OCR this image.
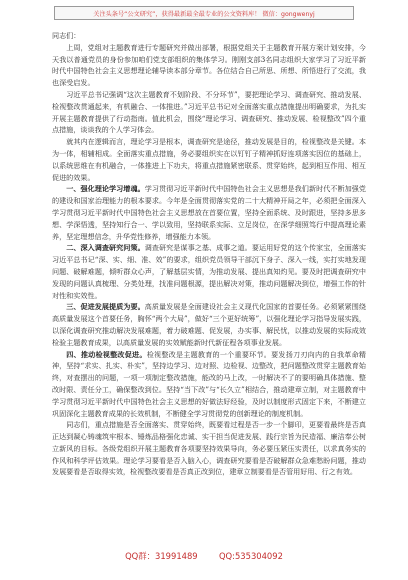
关注头条号“公文研究”，获得最新最全最专业的公文资料库！ 微信：gongwenyj

同志们：

上周，党组对主题教育进行专题研究并做出部署，根据党组关于主题教育开展方案计划安排，今天我以普通党员的身份参加咱们党支部组织的集体学习。刚刚支部3名同志组织大家学习了习近平新时代中国特色社会主义思想理论辅导读本部分章节。各位结合自己所思、所想、所悟进行了交流，我也深受启发。

习近平总书记强调“这次主题教育不划阶段、不分环节”，要把理论学习、调查研究、推动发展、检视整改贯通起来，有机融合、一体推进。”习近平总书记对全面落实重点措施提出明确要求，为扎实开展主题教育提供了行动指南。值此机会，围绕“理论学习、调查研究、推动发展、检视整改”四个重点措施，谈谈我的个人学习体会。

就其内在逻辑而言，理论学习是根本，调查研究是途径，推动发展是目的，检视整改是关键。本为一体，相辅相成。全面落实重点措施，务必要组织实在以钉钉子精神抓好连项落实因位的基础上，以系统思维在有机融合，一体推进上下功夫，将重点措施紧密联系、贯穿始终，起到相互作用、相互促进的效果。

一、强化理论学习增魂。学习贯彻习近平新时代中国特色社会主义思想是我们新时代不断加强党的建设和国家治理能力的根本要求。今年是全面贯彻落实党的二十大精神开局之年，必须把全面深入学习贯彻习近平新时代中国特色社会主义思想放在首要位置，坚持全面系统、及时跟进，坚持多思多想、学深悟透，坚持知行合一、学以致用，坚持联系实际、立足岗位，在深学细照笃行中提高理论素养，坚定理想信念，升华党性修养，增强能力本领。

二、深入调查研究问策。调查研究是谋事之基、成事之道。要运用好党的这个传家宝，全面落实习近平总书记“深、实、细、准、效”的要求，组织党员领导干部沉下身子、深入一线，实打实地发现问题、破解难题，倾听群众心声，了解基层实情，为推动发展、提出真知灼见。要及时把调查研究中发现的问题认真梳理、分类处理，找准问题根源，提出解决对策，推动问题解决到位，增强工作的针对性和实效性。

三、促进发展提质为要。高质量发展是全面建设社会主义现代化国家的首要任务。必须紧紧围绕高质量发展这个首要任务，胸怀“两个大局”，做好“三个更好统筹”，以强化理论学习指导发展实践，以深化调查研究推动解决发展难题，着力破难题、促发展，办实事、解民忧，以推动发展的实际成效检验主题教育成果，以高质量发展的实效赋能新时代新征程各项事业发展。

四、推动检视整改促进。检视整改是主题教育的一个重要环节。要发扬刀刃向内的自我革命精神，坚持“求实、扎实、朴实”，坚持边学习、边对照、边检视、边整改，把问题整改贯穿主题教育始终，对查摆出的问题，一项一项制定整改措施，能改的马上改，一时解决不了的要明确具体措施、整改时限、责任分工，确保整改到位。坚持“当下改”与“长久立”相结合，推动建章立制，对主题教育中学习贯彻习近平新时代中国特色社会主义思想的好做法好经验，及时以制度形式固定下来，不断建立巩固深化主题教育成果的长效机制，不断健全学习贯彻党的创新理论的制度机制。

同志们，重点措施是否全面落实、贯穿始终，既要看过程是否一步一个脚印，更要看最终是否真正达到凝心铸魂筑牢根本、锤炼品格强化忠诚、实干担当促进发展、践行宗旨为民造福、廉洁奉公树立新风的目标。各级党组织开展主题教育各项要坚持效果导向，务必要压紧压实责任，以求真务实的作风和科学评估效果。理论学习要看是否入脑入心，调查研究要看是否破解群众急难愁盼问题，推动发展要看是否取得实效，检视整改要看是否真正改到位，建章立制要看是否管用好用、行之有效。

QQ群：31991489	QQ:535304092
